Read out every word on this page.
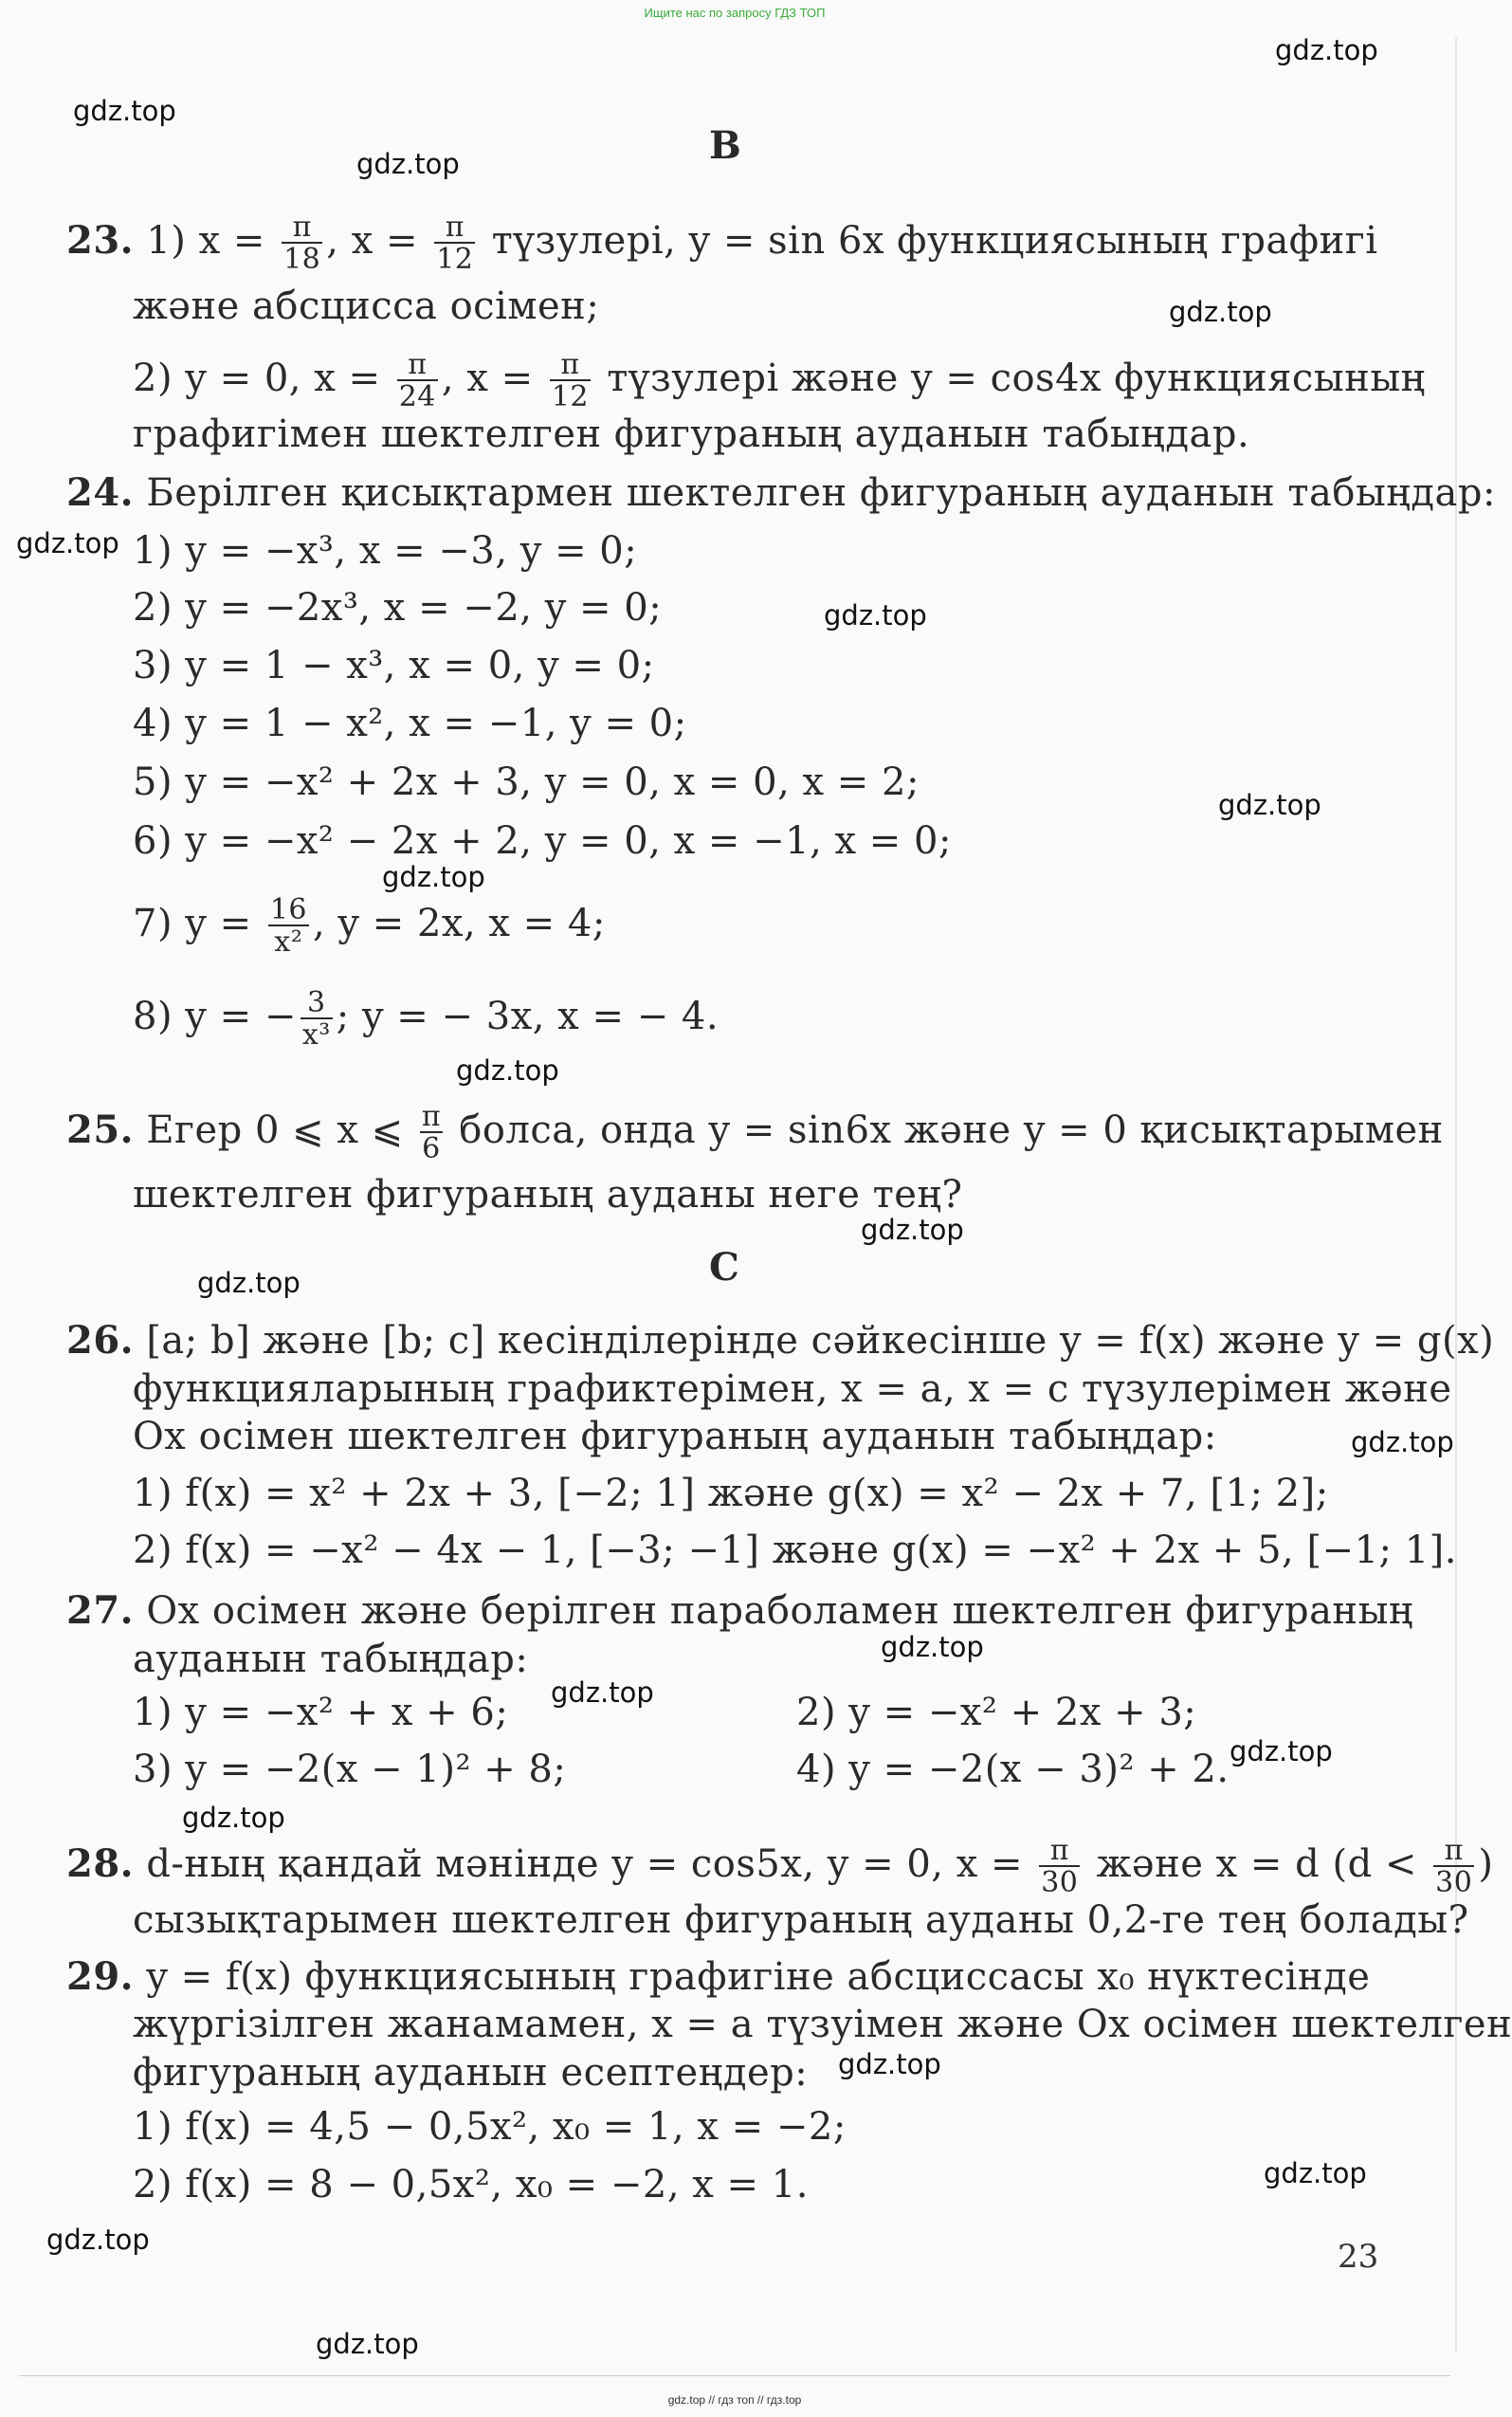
Ищите нас по запросу ГДЗ ТОП
gdz.top
gdz.top
gdz.top
gdz.top
gdz.top
gdz.top
gdz.top
gdz.top
gdz.top
gdz.top
gdz.top
gdz.top
gdz.top
gdz.top
gdz.top
gdz.top
gdz.top
gdz.top
gdz.top
gdz.top
B
23. 1) $x = \frac{\pi}{18}$ , $x = \frac{\pi}{12}$ түзулері, y = sin 6x функциясының графигі
және абсцисса осімен;
2) y = 0, $x = \frac{\pi}{24}$ , $x = \frac{\pi}{12}$ түзулері және y = cos4x функциясының
графигімен шектелген фигураның ауданын табыңдар.
24. Берілген қисықтармен шектелген фигураның ауданын табыңдар:
1) y = −x³, x = −3, y = 0;
2) y = −2x³, x = −2, y = 0;
3) y = 1 − x³, x = 0, y = 0;
4) y = 1 − x², x = −1, y = 0;
5) y = −x² + 2x + 3, y = 0, x = 0, x = 2;
6) y = −x² − 2x + 2, y = 0, x = −1, x = 0;
7) $y = \frac{16}{\text{x²}}$ , y = 2x, x = 4;
8) y = − $\frac{3}{\text{x³}}$ ; y = − 3x, x = − 4.
25. Егер 0 ⩽ x ⩽ $\frac{\pi}{6}$ болса, онда y = sin6x және y = 0 қисықтарымен
шектелген фигураның ауданы неге тең?
C
26. [a; b] және [b; c] кесінділерінде сәйкесінше y = f(x) және y = g(x)
функцияларының графиктерімен, x = a, x = c түзулерімен және
Ox осімен шектелген фигураның ауданын табыңдар:
1) f(x) = x² + 2x + 3, [−2; 1] және g(x) = x² − 2x + 7, [1; 2];
2) f(x) = −x² − 4x − 1, [−3; −1] және g(x) = −x² + 2x + 5, [−1; 1].
27. Ox осімен және берілген параболамен шектелген фигураның
ауданын табыңдар:
1) y = −x² + x + 6;	2) y = −x² + 2x + 3;
3) y = −2(x − 1)² + 8;	4) y = −2(x − 3)² + 2.
28. d-ның қандай мәнінде y = cos5x, y = 0, $x = \frac{\pi}{30}$ және x = d ($d < \frac{\pi}{30}$ )
сызықтарымен шектелген фигураның ауданы 0,2-ге тең болады?
29. y = f(x) функциясының графигіне абсциссасы x₀ нүктесінде
жүргізілген жанамамен, x = a түзуімен және Ox осімен шектелген
фигураның ауданын есептеңдер:
1) f(x) = 4,5 − 0,5x², x₀ = 1, x = −2;
2) f(x) = 8 − 0,5x², x₀ = −2, x = 1.
23
gdz.top // гдз топ // гдз.top
